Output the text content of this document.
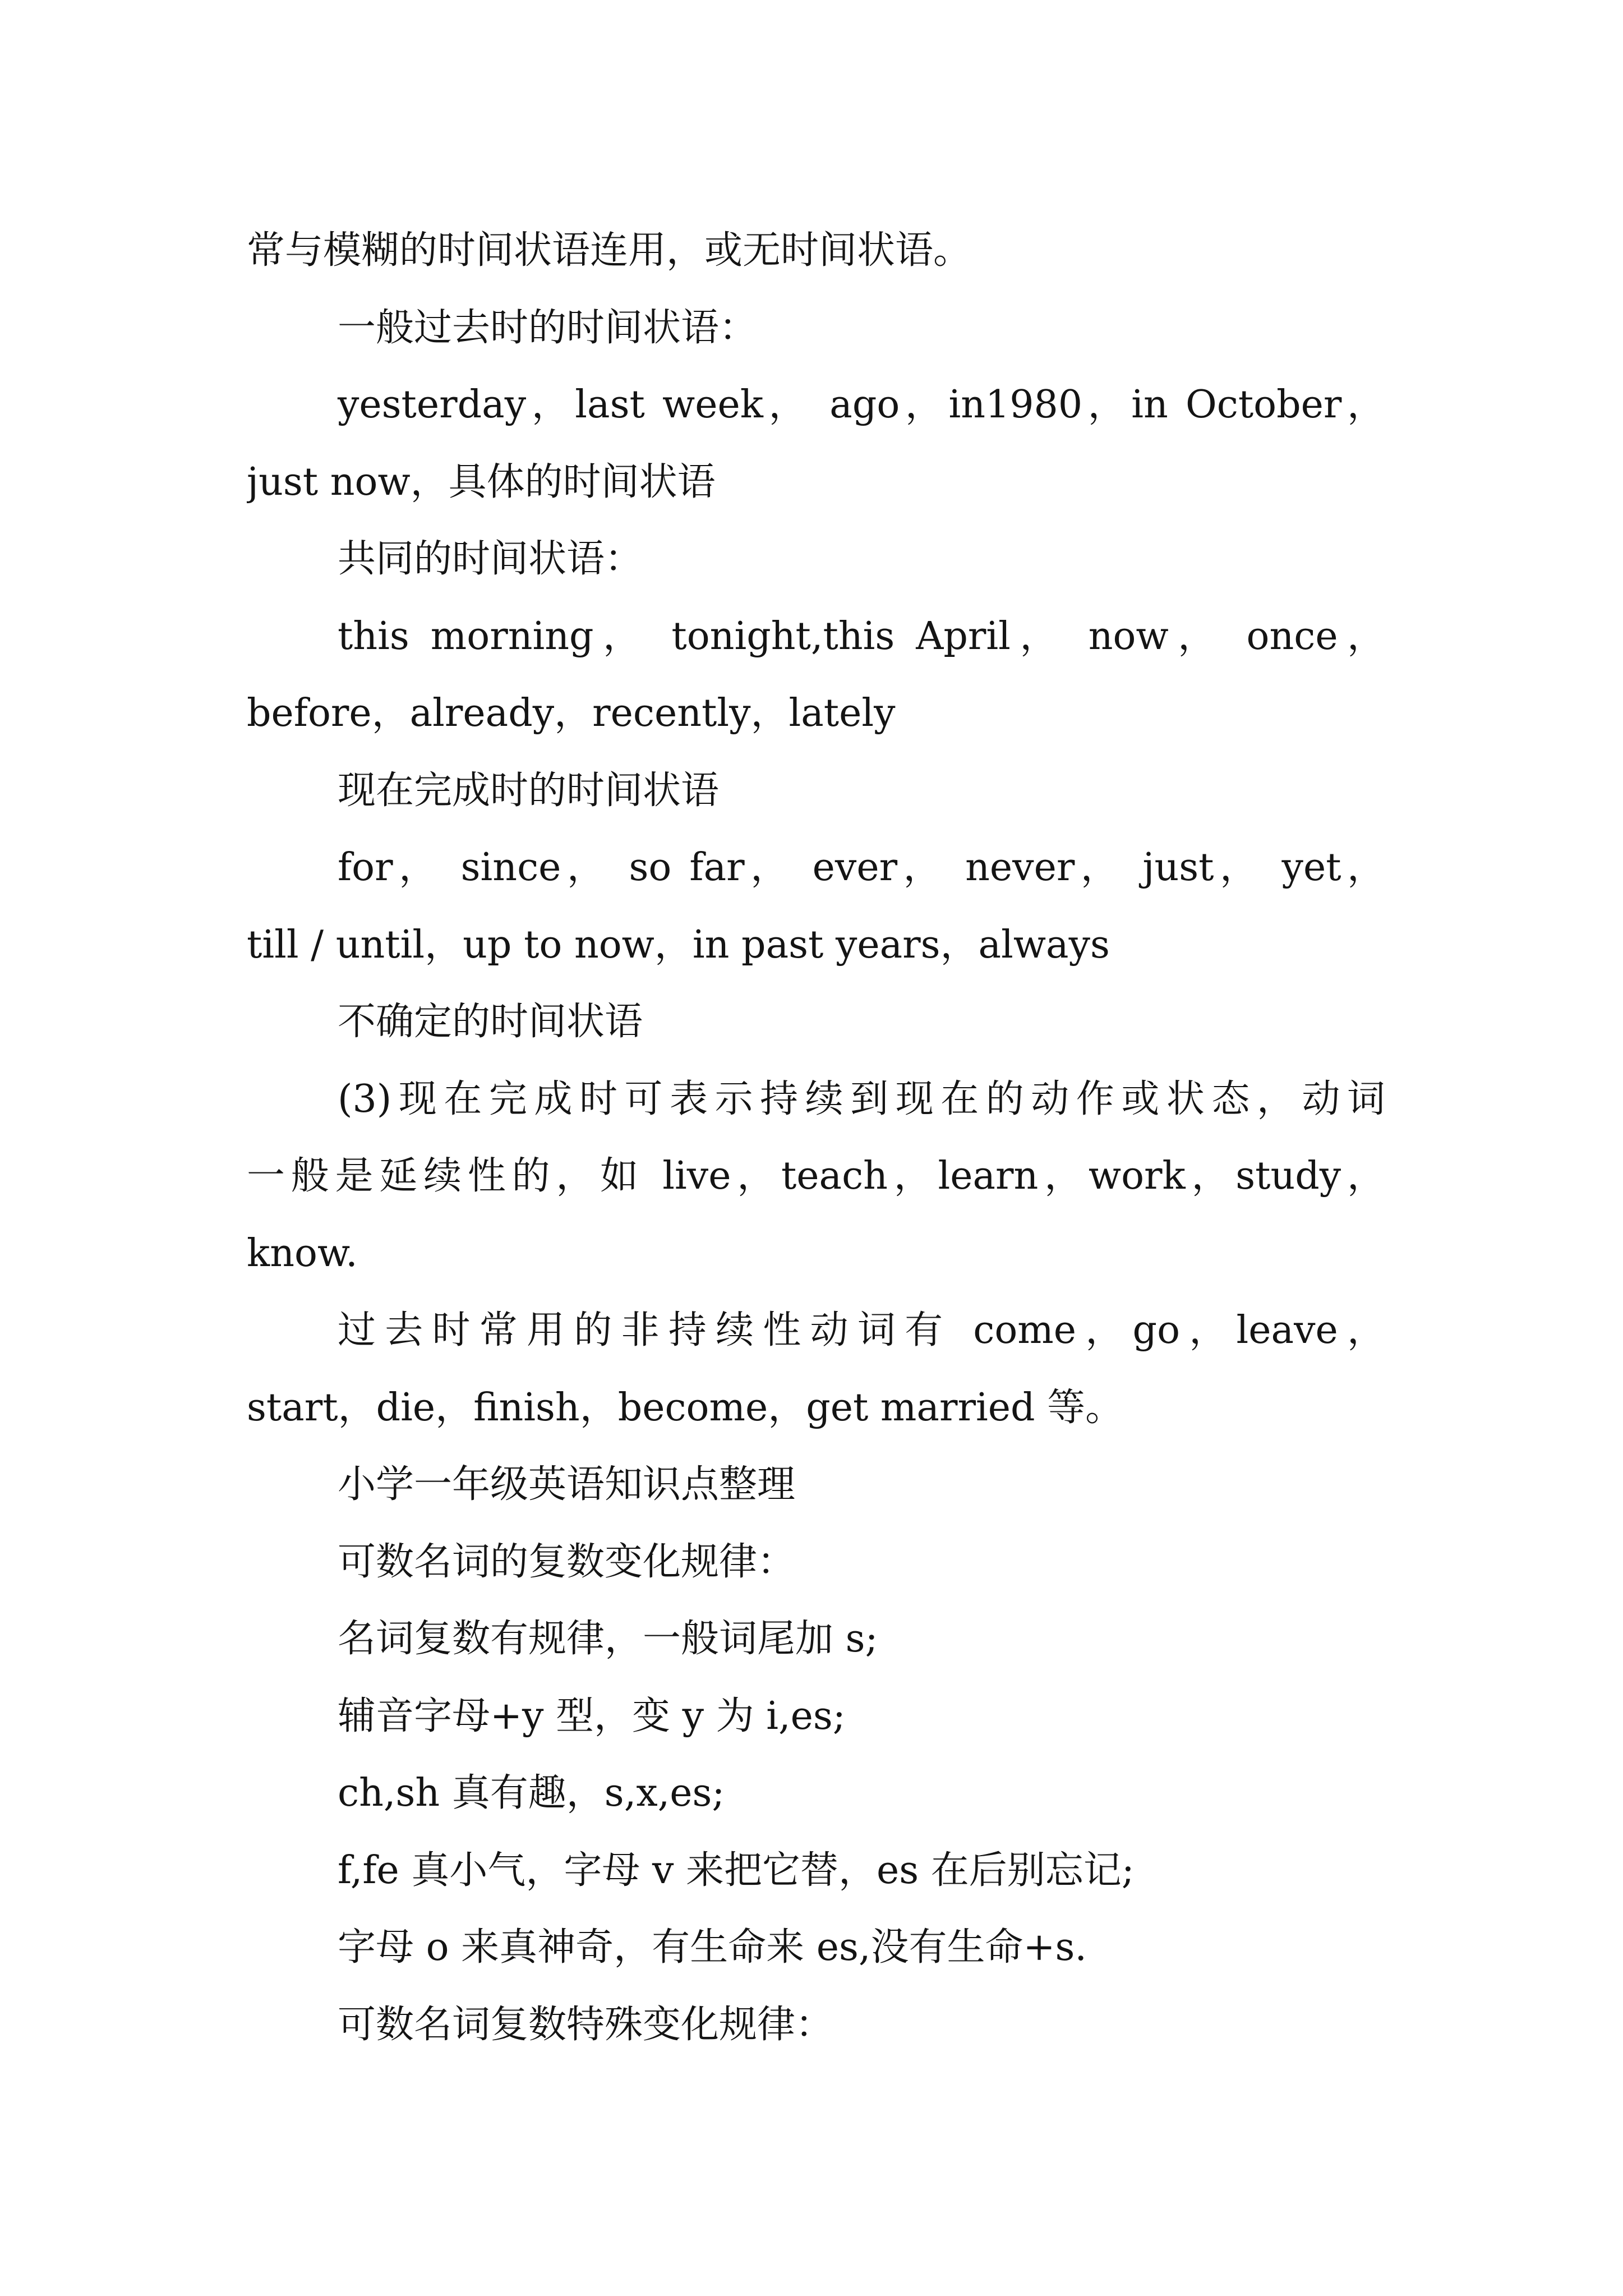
常与模糊的时间状语连用，或无时间状语。
一般过去时的时间状语：
yesterday，last week， ago，in1980，in October，
just now，具体的时间状语
共同的时间状语：
this morning， tonight,this April， now， once，
before，already，recently，lately
现在完成时的时间状语
for， since， so far， ever， never， just， yet，
till / until，up to now，in past years，always
不确定的时间状语
(3)现在完成时可表示持续到现在的动作或状态，动词
一般是延续性的，如 live，teach，learn，work，study，
know.
过去时常用的非持续性动词有 come，go，leave，
start，die，finish，become，get married 等。
小学一年级英语知识点整理
可数名词的复数变化规律：
名词复数有规律，一般词尾加 s;
辅音字母+y 型，变 y 为 i,es;
ch,sh 真有趣，s,x,es;
f,fe 真小气，字母 v 来把它替，es 在后别忘记;
字母 o 来真神奇，有生命来 es,没有生命+s.
可数名词复数特殊变化规律：
